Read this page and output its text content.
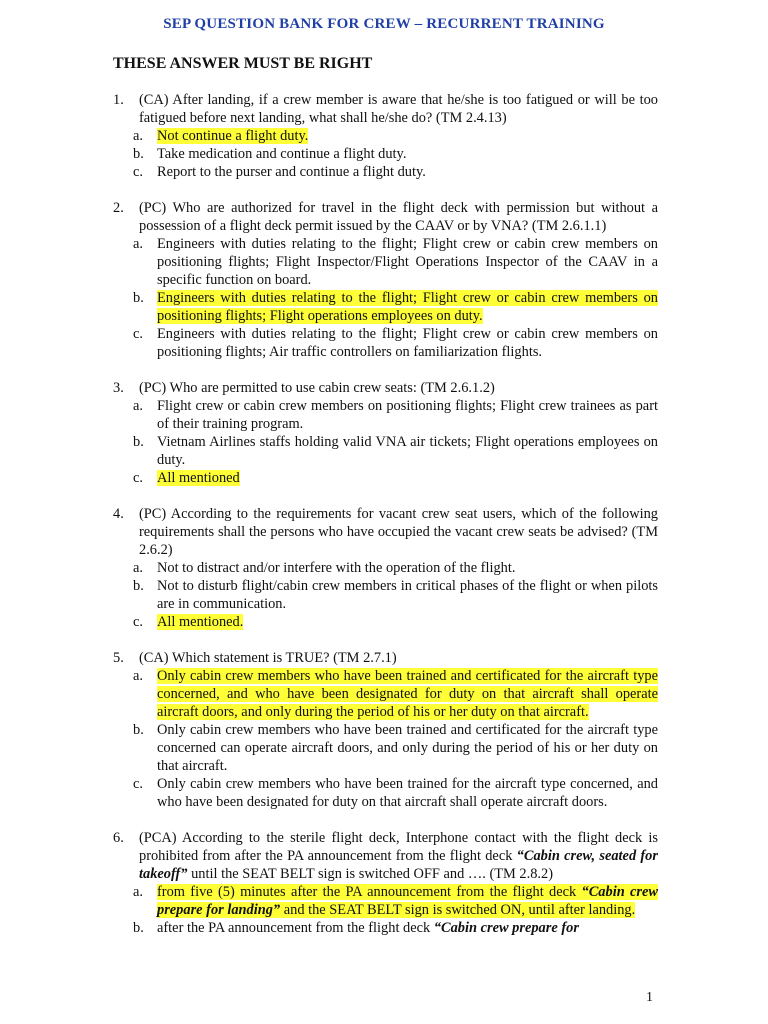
SEP QUESTION BANK FOR CREW – RECURRENT TRAINING
THESE ANSWER MUST BE RIGHT
1.	(CA) After landing, if a crew member is aware that he/she is too fatigued or will be too fatigued before next landing, what shall he/she do? (TM 2.4.13)
a. Not continue a flight duty.
b. Take medication and continue a flight duty.
c. Report to the purser and continue a flight duty.
2.	(PC) Who are authorized for travel in the flight deck with permission but without a possession of a flight deck permit issued by the CAAV or by VNA? (TM 2.6.1.1)
a. Engineers with duties relating to the flight; Flight crew or cabin crew members on positioning flights; Flight Inspector/Flight Operations Inspector of the CAAV in a specific function on board.
b. Engineers with duties relating to the flight; Flight crew or cabin crew members on positioning flights; Flight operations employees on duty.
c. Engineers with duties relating to the flight; Flight crew or cabin crew members on positioning flights; Air traffic controllers on familiarization flights.
3.	(PC) Who are permitted to use cabin crew seats: (TM 2.6.1.2)
a. Flight crew or cabin crew members on positioning flights; Flight crew trainees as part of their training program.
b. Vietnam Airlines staffs holding valid VNA air tickets; Flight operations employees on duty.
c. All mentioned
4.	(PC) According to the requirements for vacant crew seat users, which of the following requirements shall the persons who have occupied the vacant crew seats be advised? (TM 2.6.2)
a. Not to distract and/or interfere with the operation of the flight.
b. Not to disturb flight/cabin crew members in critical phases of the flight or when pilots are in communication.
c. All mentioned.
5.	(CA) Which statement is TRUE? (TM 2.7.1)
a. Only cabin crew members who have been trained and certificated for the aircraft type concerned, and who have been designated for duty on that aircraft shall operate aircraft doors, and only during the period of his or her duty on that aircraft.
b. Only cabin crew members who have been trained and certificated for the aircraft type concerned can operate aircraft doors, and only during the period of his or her duty on that aircraft.
c. Only cabin crew members who have been trained for the aircraft type concerned, and who have been designated for duty on that aircraft shall operate aircraft doors.
6.	(PCA) According to the sterile flight deck, Interphone contact with the flight deck is prohibited from after the PA announcement from the flight deck “Cabin crew, seated for takeoff” until the SEAT BELT sign is switched OFF and …. (TM 2.8.2)
a. from five (5) minutes after the PA announcement from the flight deck “Cabin crew prepare for landing” and the SEAT BELT sign is switched ON, until after landing.
b. after the PA announcement from the flight deck “Cabin crew prepare for
1
